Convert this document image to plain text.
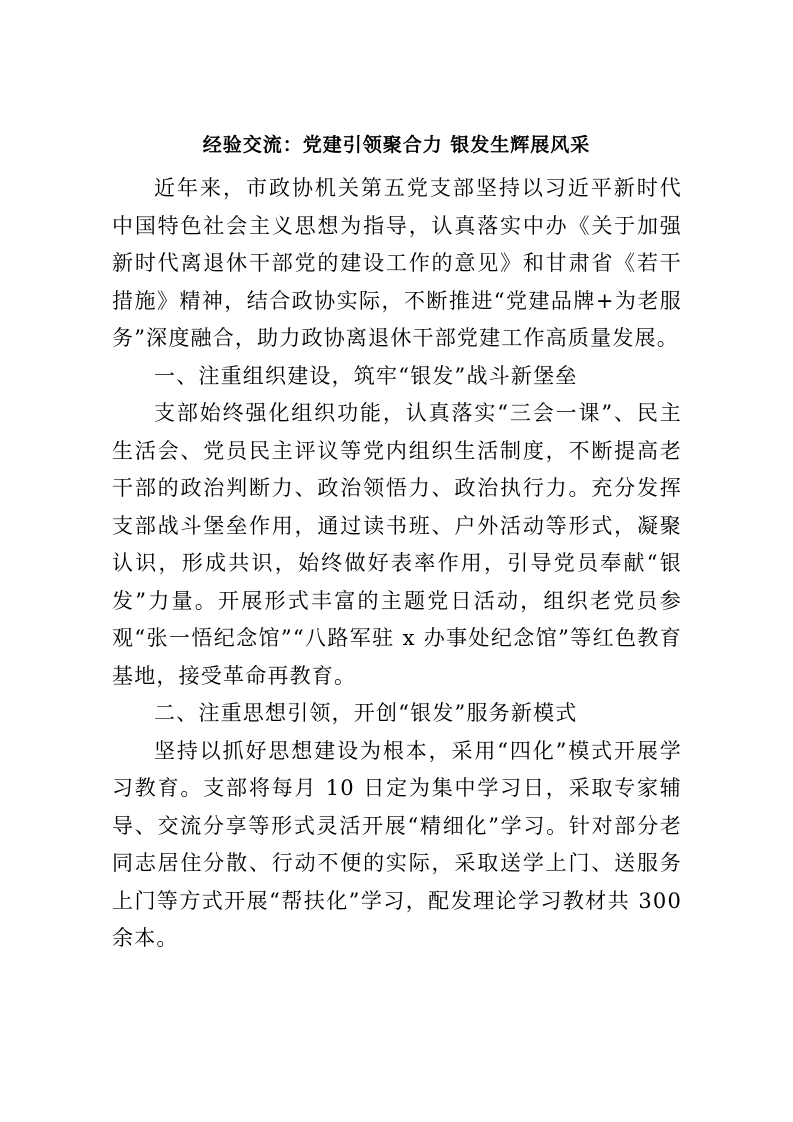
经验交流：党建引领聚合力 银发生辉展风采

近年来，市政协机关第五党支部坚持以习近平新时代中国特色社会主义思想为指导，认真落实中办《关于加强新时代离退休干部党的建设工作的意见》和甘肃省《若干措施》精神，结合政协实际，不断推进“党建品牌+为老服务”深度融合，助力政协离退休干部党建工作高质量发展。

一、注重组织建设，筑牢“银发”战斗新堡垒

支部始终强化组织功能，认真落实“三会一课”、民主生活会、党员民主评议等党内组织生活制度，不断提高老干部的政治判断力、政治领悟力、政治执行力。充分发挥支部战斗堡垒作用，通过读书班、户外活动等形式，凝聚认识，形成共识，始终做好表率作用，引导党员奉献“银发”力量。开展形式丰富的主题党日活动，组织老党员参观“张一悟纪念馆”“八路军驻 x 办事处纪念馆”等红色教育基地，接受革命再教育。

二、注重思想引领，开创“银发”服务新模式

坚持以抓好思想建设为根本，采用“四化”模式开展学习教育。支部将每月 10 日定为集中学习日，采取专家辅导、交流分享等形式灵活开展“精细化”学习。针对部分老同志居住分散、行动不便的实际，采取送学上门、送服务上门等方式开展“帮扶化”学习，配发理论学习教材共 300 余本。
